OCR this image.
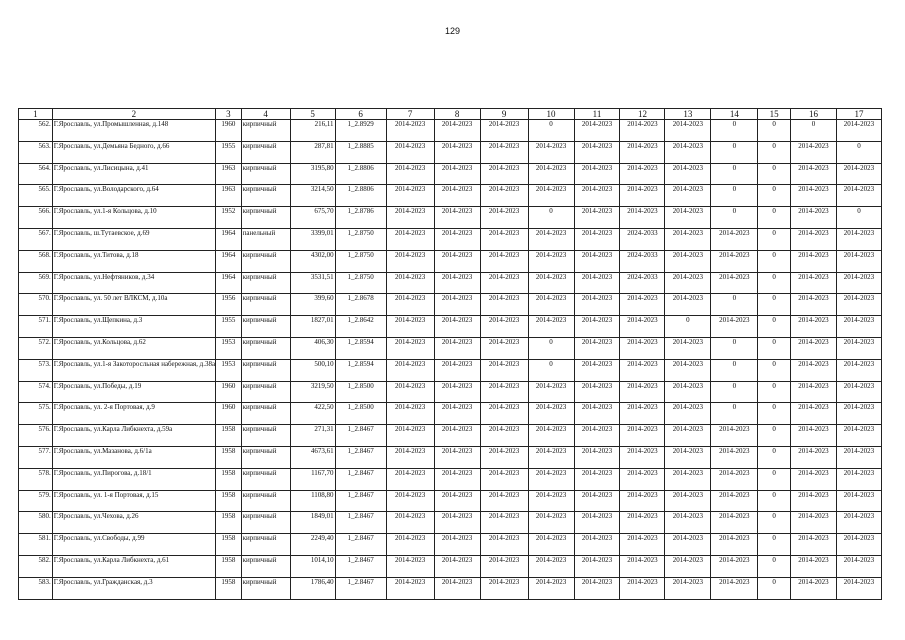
129
1	2	3	4	5	6	7	8	9	10	11	12	13	14	15	16	17
562.	Г.Ярославль, ул.Промышленная, д.148	1960	кирпичный	216,11	1_2.8929	2014-2023	2014-2023	2014-2023	0	2014-2023	2014-2023	2014-2023	0	0	0	2014-2023
563.	Г.Ярославль, ул.Демьяна Бедного, д.66	1955	кирпичный	287,81	1_2.8885	2014-2023	2014-2023	2014-2023	2014-2023	2014-2023	2014-2023	2014-2023	0	0	2014-2023	0
564.	Г.Ярославль, ул.Лисицына, д.41	1963	кирпичный	3195,80	1_2.8806	2014-2023	2014-2023	2014-2023	2014-2023	2014-2023	2014-2023	2014-2023	0	0	2014-2023	2014-2023
565.	Г.Ярославль, ул.Володарского, д.64	1963	кирпичный	3214,50	1_2.8806	2014-2023	2014-2023	2014-2023	2014-2023	2014-2023	2014-2023	2014-2023	0	0	2014-2023	2014-2023
566.	Г.Ярославль, ул.1-я Кольцова, д.10	1952	кирпичный	675,70	1_2.8786	2014-2023	2014-2023	2014-2023	0	2014-2023	2014-2023	2014-2023	0	0	2014-2023	0
567.	Г.Ярославль, ш.Тутаевское, д.69	1964	панельный	3399,01	1_2.8750	2014-2023	2014-2023	2014-2023	2014-2023	2014-2023	2024-2033	2014-2023	2014-2023	0	2014-2023	2014-2023
568.	Г.Ярославль, ул.Титова, д.18	1964	кирпичный	4302,00	1_2.8750	2014-2023	2014-2023	2014-2023	2014-2023	2014-2023	2024-2033	2014-2023	2014-2023	0	2014-2023	2014-2023
569.	Г.Ярославль, ул.Нефтяников, д.34	1964	кирпичный	3531,51	1_2.8750	2014-2023	2014-2023	2014-2023	2014-2023	2014-2023	2024-2033	2014-2023	2014-2023	0	2014-2023	2014-2023
570.	Г.Ярославль, ул. 50 лет ВЛКСМ, д.10а	1956	кирпичный	399,60	1_2.8678	2014-2023	2014-2023	2014-2023	2014-2023	2014-2023	2014-2023	2014-2023	0	0	2014-2023	2014-2023
571.	Г.Ярославль, ул.Щепкина, д.3	1955	кирпичный	1827,01	1_2.8642	2014-2023	2014-2023	2014-2023	2014-2023	2014-2023	2014-2023	0	2014-2023	0	2014-2023	2014-2023
572.	Г.Ярославль, ул.Кольцова, д.62	1953	кирпичный	406,30	1_2.8594	2014-2023	2014-2023	2014-2023	0	2014-2023	2014-2023	2014-2023	0	0	2014-2023	2014-2023
573.	Г.Ярославль, ул.1-я Закоторосльная набережная, д.38а	1953	кирпичный	500,10	1_2.8594	2014-2023	2014-2023	2014-2023	0	2014-2023	2014-2023	2014-2023	0	0	2014-2023	2014-2023
574.	Г.Ярославль, ул.Победы, д.19	1960	кирпичный	3219,50	1_2.8500	2014-2023	2014-2023	2014-2023	2014-2023	2014-2023	2014-2023	2014-2023	0	0	2014-2023	2014-2023
575.	Г.Ярославль, ул. 2-я Портовая, д.9	1960	кирпичный	422,50	1_2.8500	2014-2023	2014-2023	2014-2023	2014-2023	2014-2023	2014-2023	2014-2023	0	0	2014-2023	2014-2023
576.	Г.Ярославль, ул.Карла Либкнехта, д.59а	1958	кирпичный	271,31	1_2.8467	2014-2023	2014-2023	2014-2023	2014-2023	2014-2023	2014-2023	2014-2023	2014-2023	0	2014-2023	2014-2023
577.	Г.Ярославль, ул.Мазанова, д.6/1а	1958	кирпичный	4673,61	1_2.8467	2014-2023	2014-2023	2014-2023	2014-2023	2014-2023	2014-2023	2014-2023	2014-2023	0	2014-2023	2014-2023
578.	Г.Ярославль, ул.Пирогова, д.18/1	1958	кирпичный	1167,70	1_2.8467	2014-2023	2014-2023	2014-2023	2014-2023	2014-2023	2014-2023	2014-2023	2014-2023	0	2014-2023	2014-2023
579.	Г.Ярославль, ул. 1-я Портовая, д.15	1958	кирпичный	1108,80	1_2.8467	2014-2023	2014-2023	2014-2023	2014-2023	2014-2023	2014-2023	2014-2023	2014-2023	0	2014-2023	2014-2023
580.	Г.Ярославль, ул.Чехова, д.26	1958	кирпичный	1849,01	1_2.8467	2014-2023	2014-2023	2014-2023	2014-2023	2014-2023	2014-2023	2014-2023	2014-2023	0	2014-2023	2014-2023
581.	Г.Ярославль, ул.Свободы, д.99	1958	кирпичный	2249,40	1_2.8467	2014-2023	2014-2023	2014-2023	2014-2023	2014-2023	2014-2023	2014-2023	2014-2023	0	2014-2023	2014-2023
582.	Г.Ярославль, ул.Карла Либкнехта, д.61	1958	кирпичный	1014,10	1_2.8467	2014-2023	2014-2023	2014-2023	2014-2023	2014-2023	2014-2023	2014-2023	2014-2023	0	2014-2023	2014-2023
583.	Г.Ярославль, ул.Гражданская, д.3	1958	кирпичный	1786,40	1_2.8467	2014-2023	2014-2023	2014-2023	2014-2023	2014-2023	2014-2023	2014-2023	2014-2023	0	2014-2023	2014-2023
